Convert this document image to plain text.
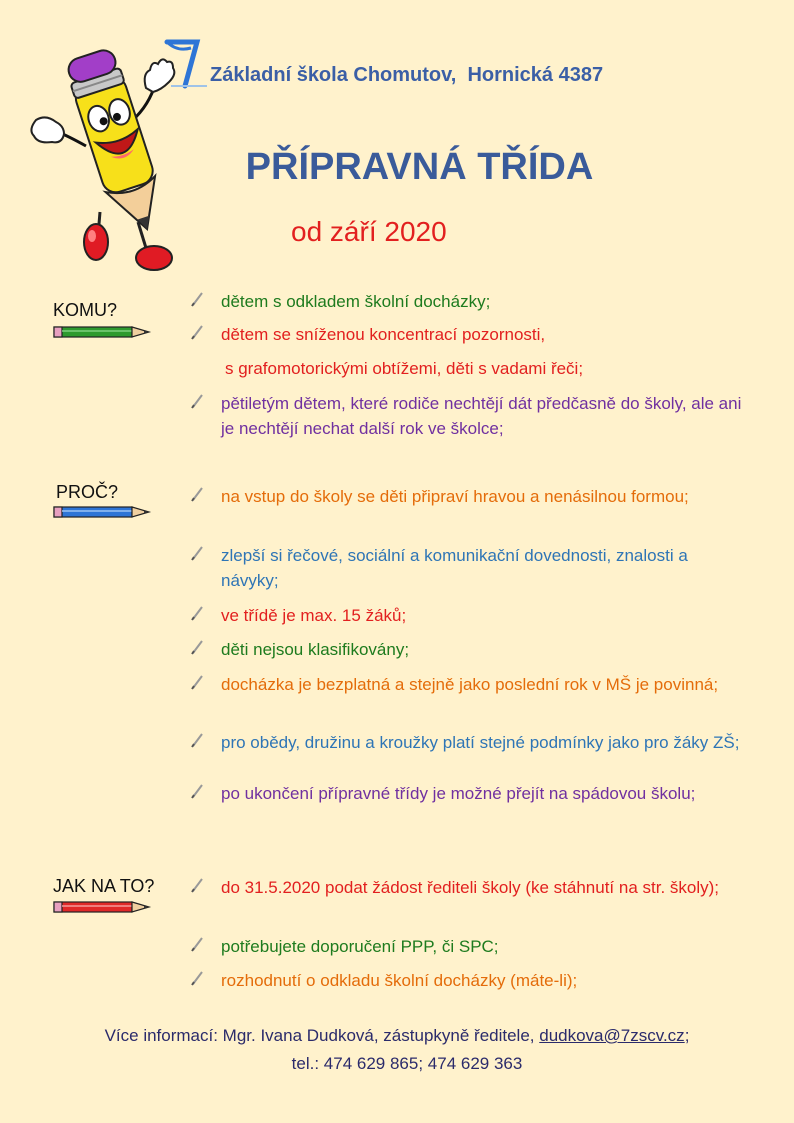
Základní škola Chomutov,  Hornická 4387
PŘÍPRAVNÁ TŘÍDA
od září 2020
KOMU?	dětem s odkladem školní docházky;
dětem se sníženou koncentrací pozornosti,
s grafomotorickými obtížemi, děti s vadami řeči;
pětiletým dětem, které rodiče nechtějí dát předčasně do školy, ale ani je nechtějí nechat další rok ve školce;
PROČ?	na vstup do školy se děti připraví hravou a nenásilnou formou;
zlepší si řečové, sociální a komunikační dovednosti, znalosti a návyky;
ve třídě je max. 15 žáků;
děti nejsou klasifikovány;
docházka je bezplatná a stejně jako poslední rok v MŠ je povinná;
pro obědy, družinu a kroužky platí stejné podmínky jako pro žáky ZŠ;
po ukončení přípravné třídy je možné přejít na spádovou školu;
JAK NA TO?	do 31.5.2020 podat žádost řediteli školy (ke stáhnutí na str. školy);
potřebujete doporučení PPP, či SPC;
rozhodnutí o odkladu školní docházky (máte-li);
Více informací: Mgr. Ivana Dudková, zástupkyně ředitele, dudkova@7zscv.cz;
tel.: 474 629 865; 474 629 363
